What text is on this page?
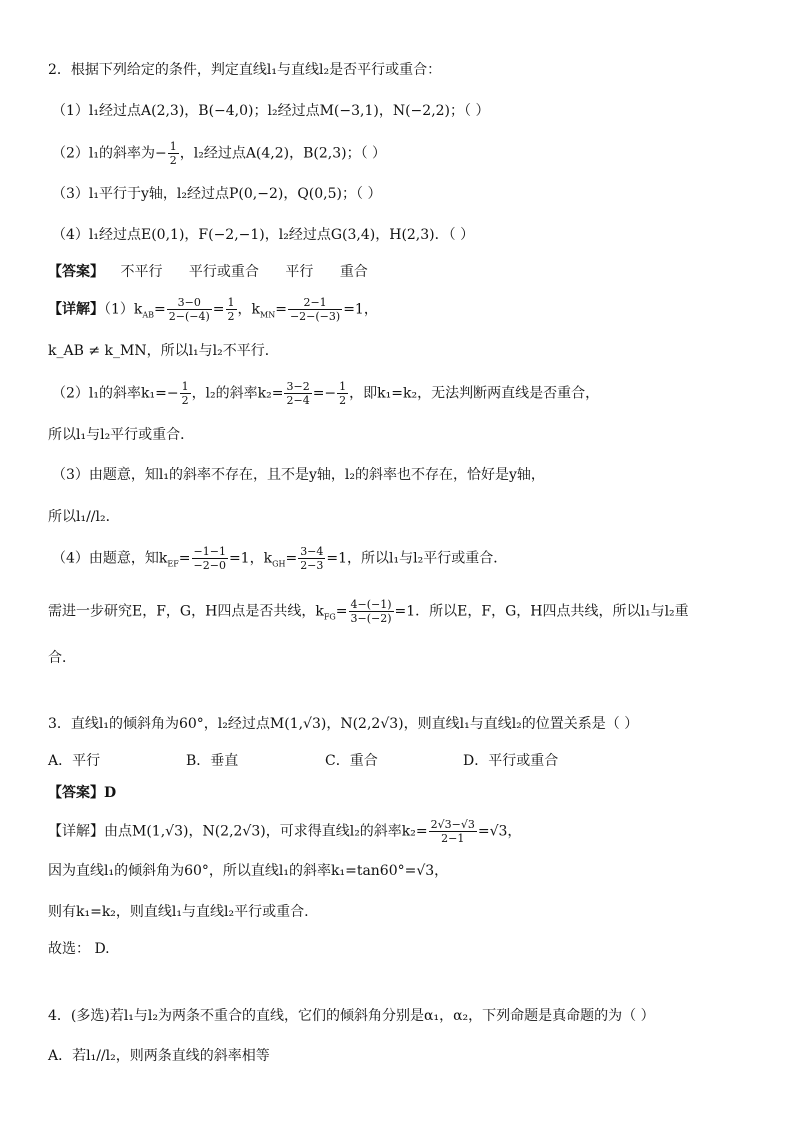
2．根据下列给定的条件，判定直线l₁与直线l₂是否平行或重合：
（1）l₁经过点A(2,3)，B(−4,0)；l₂经过点M(−3,1)，N(−2,2)；（ ）
（2）l₁的斜率为− $\frac{1}{2}$ ，l₂经过点A(4,2)，B(2,3)；（ ）
（3）l₁平行于y轴，l₂经过点P(0,−2)，Q(0,5)；（ ）
（4）l₁经过点E(0,1)，F(−2,−1)，l₂经过点G(3,4)，H(2,3)．（ ）
【答案】 不平行 平行或重合 平行 重合
【详解】$(1)k_{AB}= \frac{3-0}{2-(-4)} = \frac{1}{2}$ ，$k_{MN}= \frac{2-1}{-2-(-3)} =1$，
k_AB ≠ k_MN，所以l₁与l₂不平行．
（2）l₁的斜率$k_1=- \frac{1}{2}$ ，l₂的斜率$k_2= \frac{3-2}{2-4} =- \frac{1}{2}$ ，即k₁=k₂，无法判断两直线是否重合，
所以l₁与l₂平行或重合．
（3）由题意，知l₁的斜率不存在，且不是y轴，l₂的斜率也不存在，恰好是y轴，
所以l₁//l₂．
（4）由题意，知$k_{EF}= \frac{-1-1}{-2-0} =1$，$k_{GH}= \frac{3-4}{2-3} =1$，所以l₁与l₂平行或重合．
需进一步研究E，F，G，H四点是否共线，$k_{FG}= \frac{4-(-1)}{3-(-2)} =1$．所以E，F，G，H四点共线，所以l₁与l₂重
合．
3．直线l₁的倾斜角为60°，l₂经过点M(1,√3)，N(2,2√3)，则直线l₁与直线l₂的位置关系是（ ）
A．平行	B．垂直	C．重合	D．平行或重合
【答案】D
【详解】由点M(1,√3)，N(2,2√3)，可求得直线l₂的斜率$k_2= \frac{2√3-√3}{2-1} =√3$，
因为直线l₁的倾斜角为60°，所以直线l₁的斜率k₁=tan60°=√3，
则有k₁=k₂，则直线l₁与直线l₂平行或重合.
故选： D.
4．(多选)若l₁与l₂为两条不重合的直线，它们的倾斜角分别是α₁，α₂，下列命题是真命题的为（ ）
A．若l₁//l₂，则两条直线的斜率相等
